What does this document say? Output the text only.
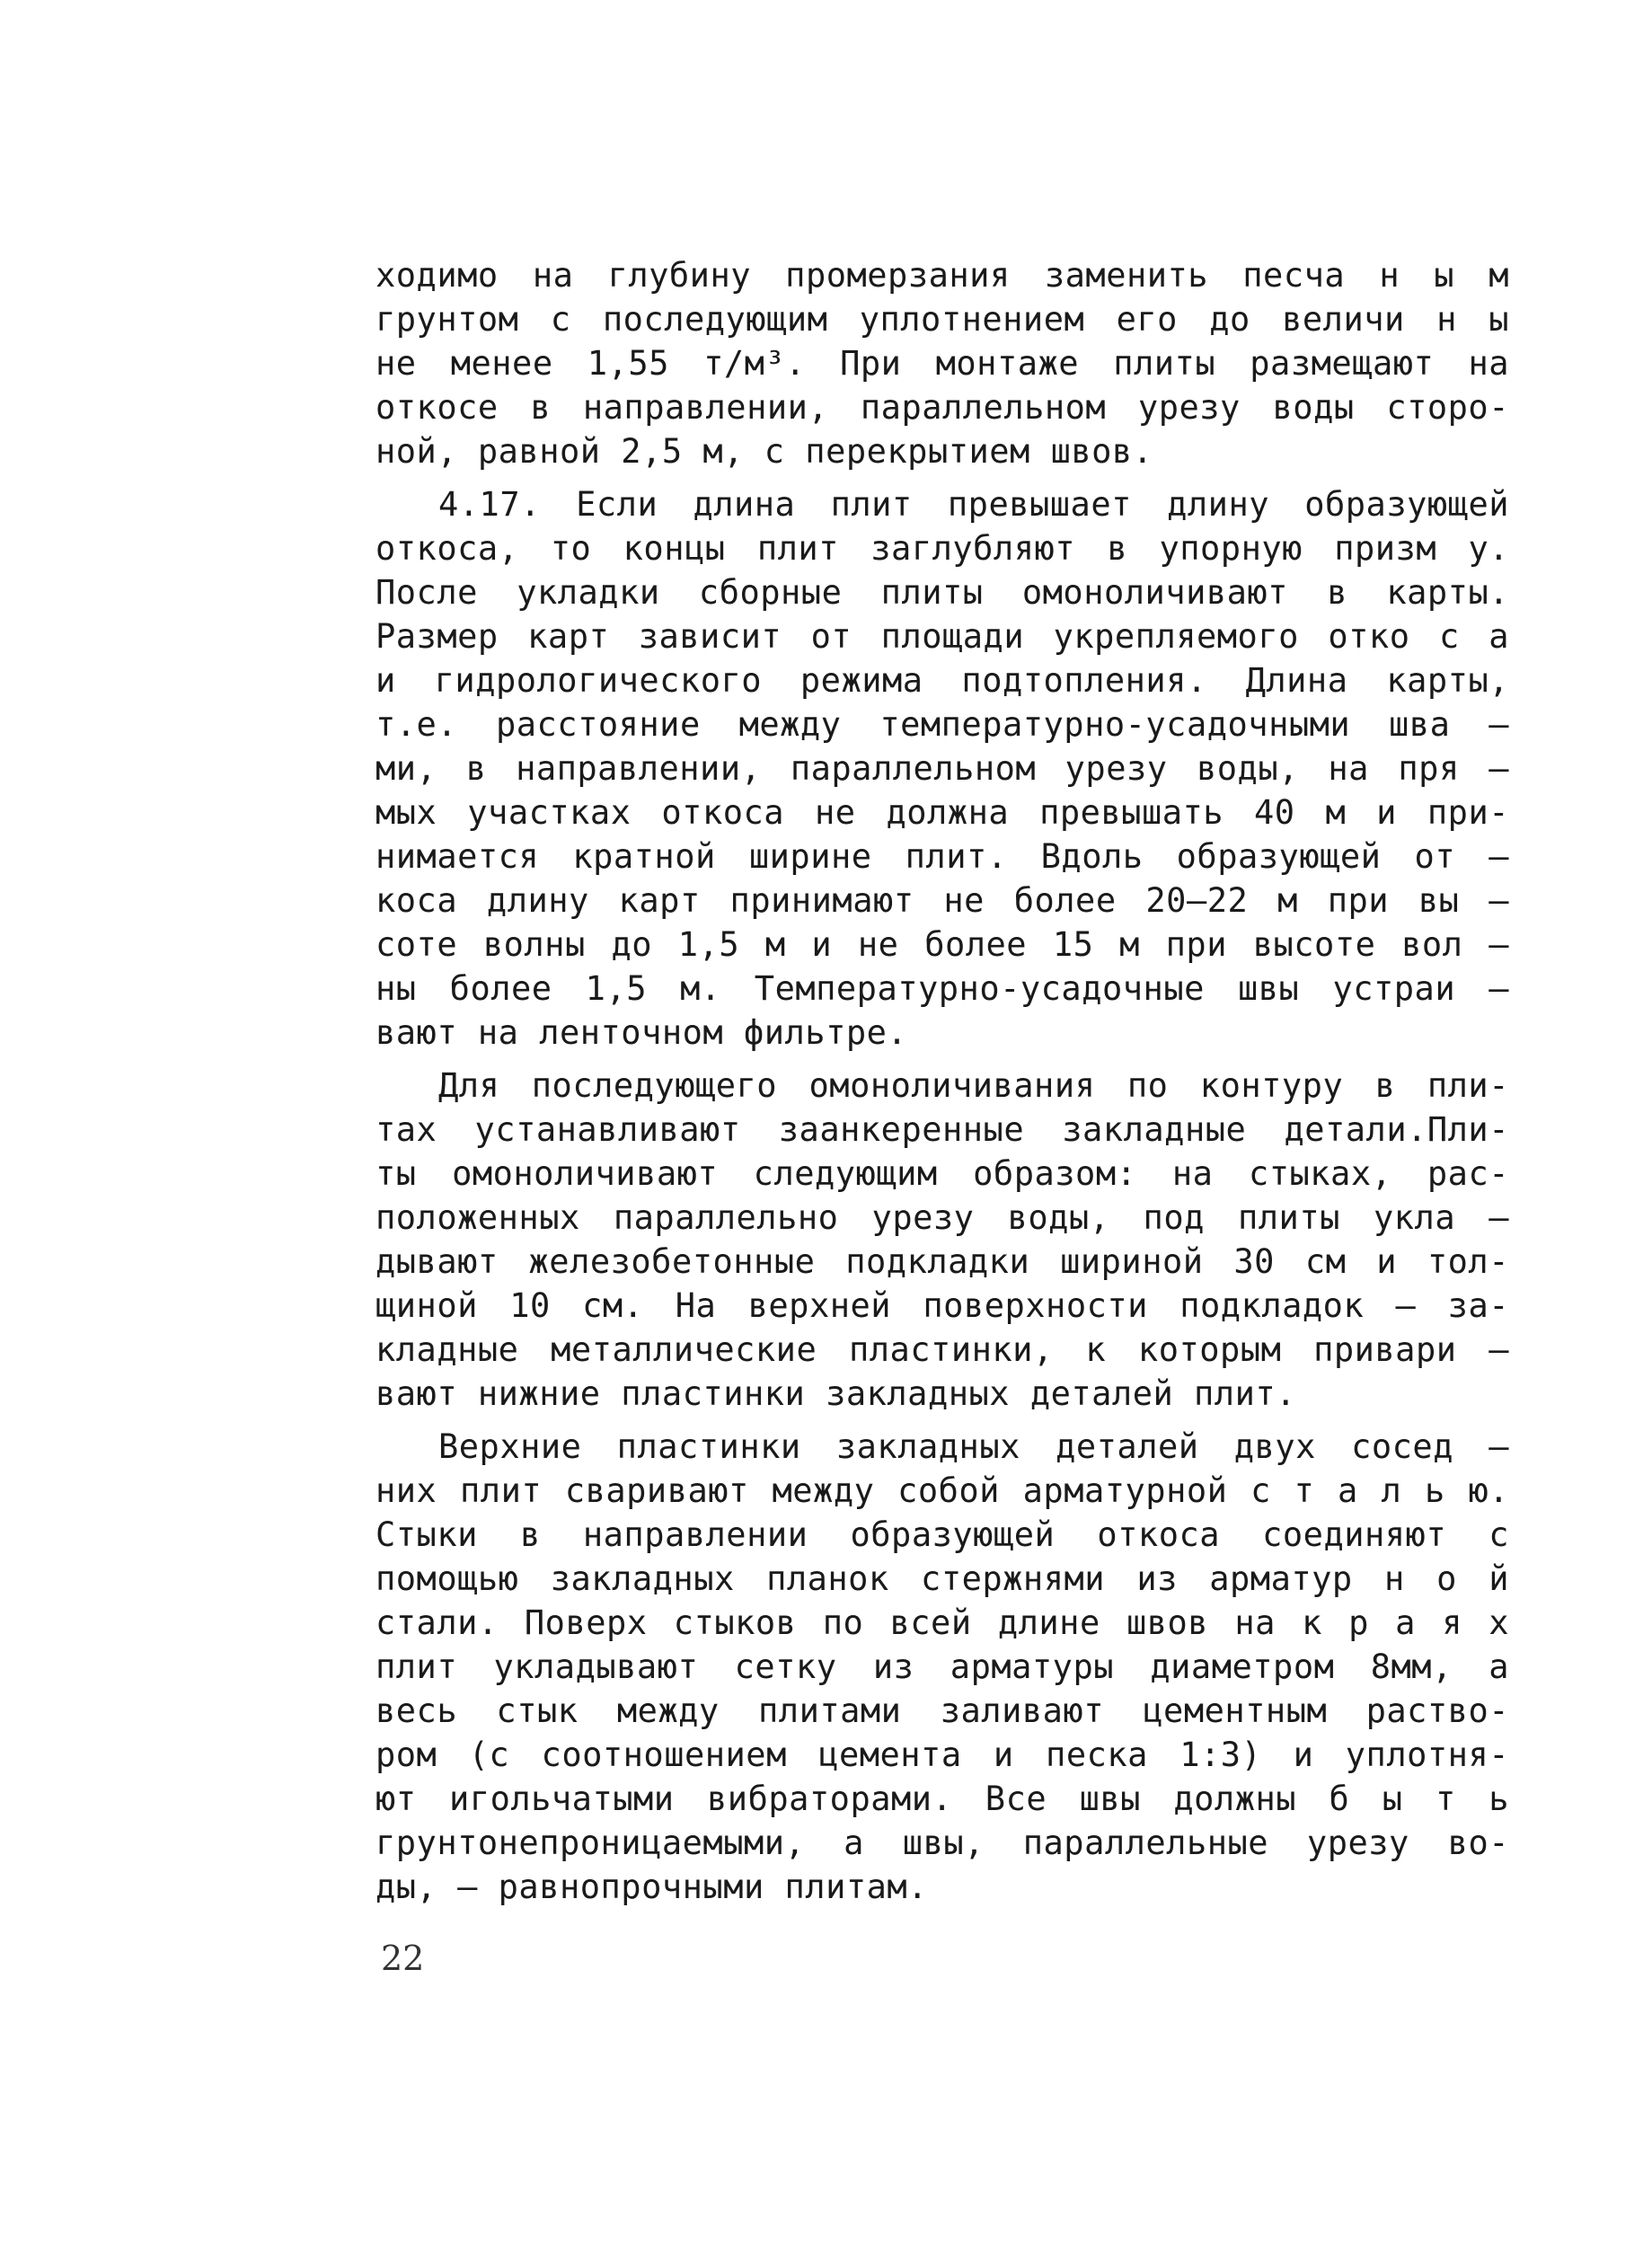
ходимо на глубину промерзания заменить песча н ы м
грунтом с последующим уплотнением его до величи н ы
не менее 1,55 т/м³. При монтаже плиты размещают на
откосе в направлении, параллельном урезу воды сторо-
ной, равной 2,5 м, с перекрытием швов.
4.17. Если длина плит превышает длину образующей
откоса, то концы плит заглубляют в упорную призм у.
После укладки сборные плиты омоноличивают в карты.
Размер карт зависит от площади укрепляемого отко с а
и гидрологического режима подтопления. Длина карты,
т.е. расстояние между температурно-усадочными шва –
ми, в направлении, параллельном урезу воды, на пря –
мых участках откоса не должна превышать 40 м и при-
нимается кратной ширине плит. Вдоль образующей от –
коса длину карт принимают не более 20–22 м при вы –
соте волны до 1,5 м и не более 15 м при высоте вол –
ны более 1,5 м. Температурно-усадочные швы устраи –
вают на ленточном фильтре.
Для последующего омоноличивания по контуру в пли-
тах устанавливают заанкеренные закладные детали.Пли-
ты омоноличивают следующим образом: на стыках, рас-
положенных параллельно урезу воды, под плиты укла –
дывают железобетонные подкладки шириной 30 см и тол-
щиной 10 см. На верхней поверхности подкладок – за-
кладные металлические пластинки, к которым привари –
вают нижние пластинки закладных деталей плит.
Верхние пластинки закладных деталей двух сосед –
них плит сваривают между собой арматурной с т а л ь ю.
Стыки в направлении образующей откоса соединяют с
помощью закладных планок стержнями из арматур н о й
стали. Поверх стыков по всей длине швов на к р а я х
плит укладывают сетку из арматуры диаметром 8мм, а
весь стык между плитами заливают цементным раство-
ром (с соотношением цемента и песка 1:3) и уплотня-
ют игольчатыми вибраторами. Все швы должны б ы т ь
грунтонепроницаемыми, а швы, параллельные урезу во-
ды, – равнопрочными плитам.
22
